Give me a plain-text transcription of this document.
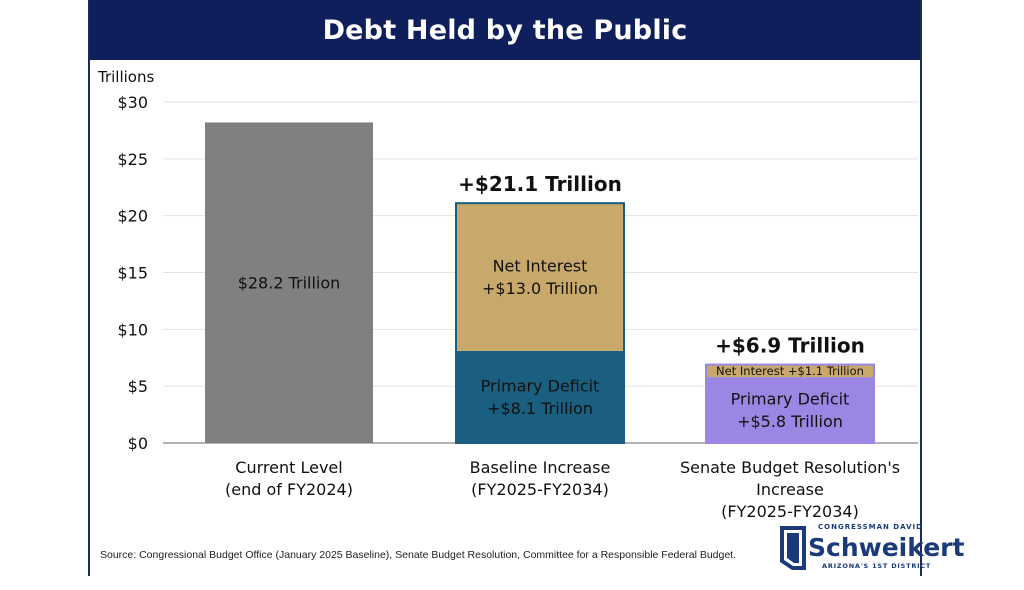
Debt Held by the Public
Trillions
$0
$5
$10
$15
$20
$25
$30
$28.2 Trillion
Current Level
(end of FY2024)
Primary Deficit
+$8.1 Trillion
Net Interest
+$13.0 Trillion
+$21.1 Trillion
Baseline Increase
(FY2025-FY2034)
Primary Deficit
+$5.8 Trillion
Net Interest +$1.1 Trillion
+$6.9 Trillion
Senate Budget Resolution's
Increase
(FY2025-FY2034)
Source: Congressional Budget Office (January 2025 Baseline), Senate Budget Resolution, Committee for a Responsible Federal Budget.
CONGRESSMAN DAVID
Schweikert
ARIZONA'S 1ST DISTRICT
